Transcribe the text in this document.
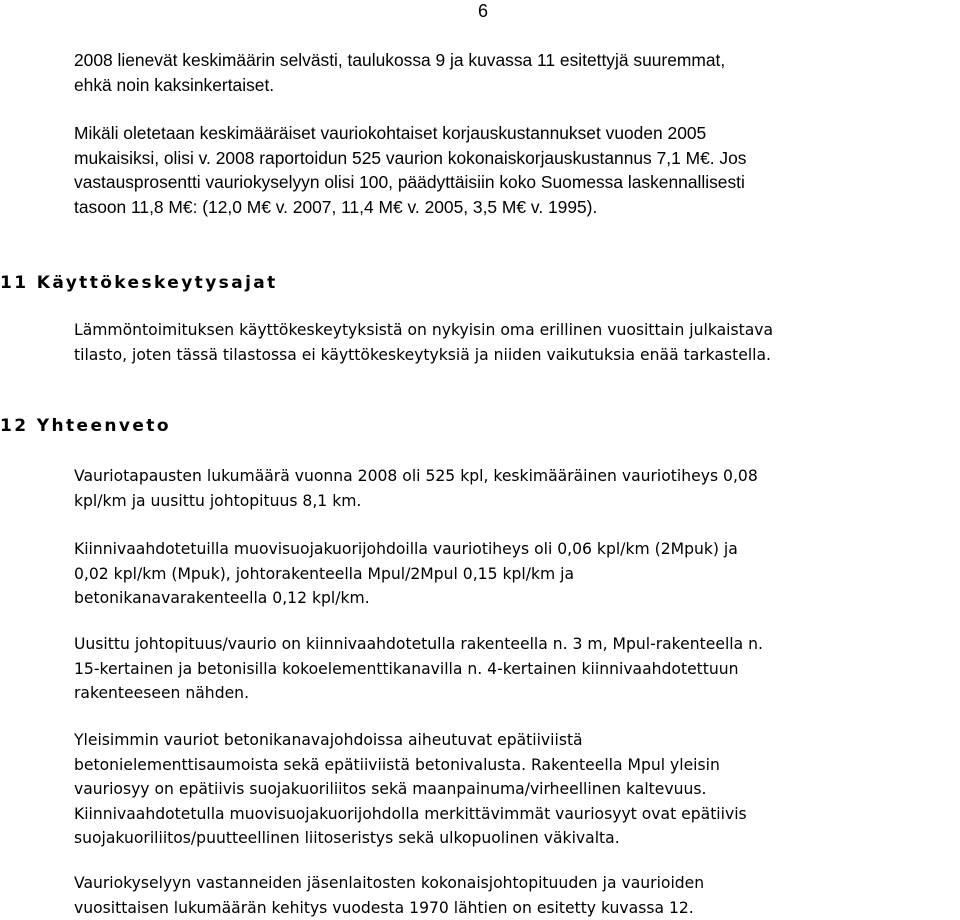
6

2008 lienevät keskimäärin selvästi, taulukossa 9 ja kuvassa 11 esitettyjä suuremmat,
ehkä noin kaksinkertaiset.

Mikäli oletetaan keskimääräiset vauriokohtaiset korjauskustannukset vuoden 2005
mukaisiksi, olisi v. 2008 raportoidun 525 vaurion kokonaiskorjauskustannus 7,1 M€. Jos
vastausprosentti vauriokyselyyn olisi 100, päädyttäisiin koko Suomessa laskennallisesti
tasoon 11,8 M€: (12,0 M€ v. 2007, 11,4 M€ v. 2005, 3,5 M€ v. 1995).

11 Käyttökeskeytysajat

Lämmöntoimituksen käyttökeskeytyksistä on nykyisin oma erillinen vuosittain julkaistava
tilasto, joten tässä tilastossa ei käyttökeskeytyksiä ja niiden vaikutuksia enää tarkastella.

12 Yhteenveto

Vauriotapausten lukumäärä vuonna 2008 oli 525 kpl, keskimääräinen vauriotiheys 0,08
kpl/km ja uusittu johtopituus 8,1 km.

Kiinnivaahdotetuilla muovisuojakuorijohdoilla vauriotiheys oli 0,06 kpl/km (2Mpuk) ja
0,02 kpl/km (Mpuk), johtorakenteella Mpul/2Mpul 0,15 kpl/km ja
betonikanavarakenteella 0,12 kpl/km.

Uusittu johtopituus/vaurio on kiinnivaahdotetulla rakenteella n. 3 m, Mpul-rakenteella n.
15-kertainen ja betonisilla kokoelementtikanavilla n. 4-kertainen kiinnivaahdotettuun
rakenteeseen nähden.

Yleisimmin vauriot betonikanavajohdoissa aiheutuvat epätiiviistä
betonielementtisaumoista sekä epätiiviistä betonivalusta. Rakenteella Mpul yleisin
vauriosyy on epätiivis suojakuoriliitos sekä maanpainuma/virheellinen kaltevuus.
Kiinnivaahdotetulla muovisuojakuorijohdolla merkittävimmät vauriosyyt ovat epätiivis
suojakuoriliitos/puutteellinen liitoseristys sekä ulkopuolinen väkivalta.

Vauriokyselyyn vastanneiden jäsenlaitosten kokonaisjohtopituuden ja vaurioiden
vuosittaisen lukumäärän kehitys vuodesta 1970 lähtien on esitetty kuvassa 12.
